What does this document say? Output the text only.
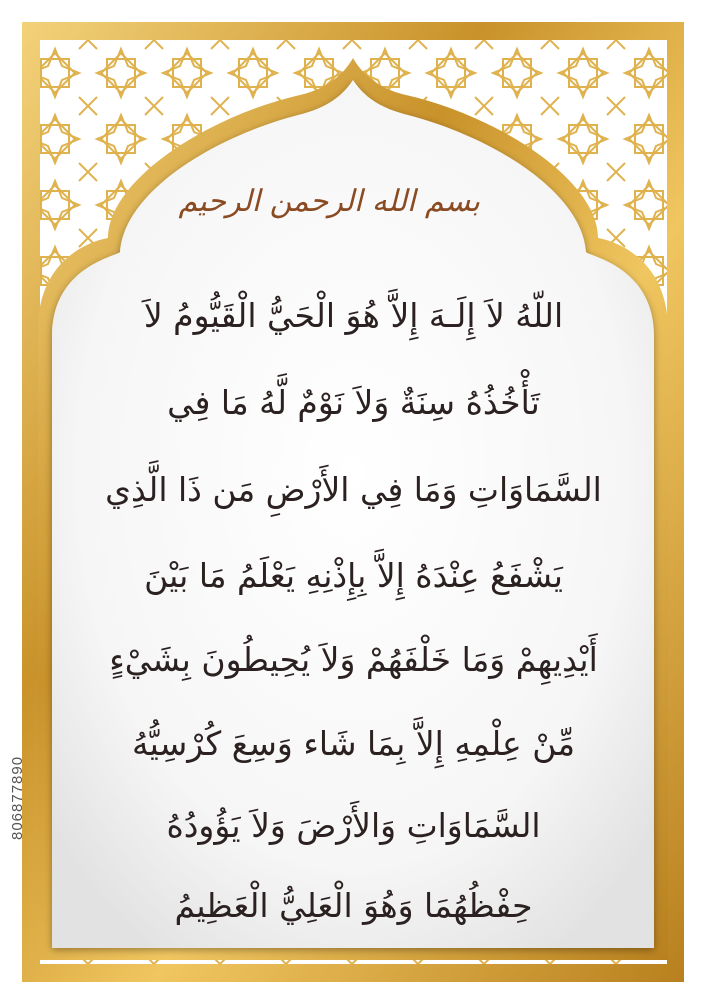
بسم الله الرحمن الرحيم
اللّهُ لاَ إِلَـهَ إِلاَّ هُوَ الْحَيُّ الْقَيُّومُ لاَ
تَأْخُذُهُ سِنَةٌ وَلاَ نَوْمٌ لَّهُ مَا فِي
السَّمَاوَاتِ وَمَا فِي الأَرْضِ مَن ذَا الَّذِي
يَشْفَعُ عِنْدَهُ إِلاَّ بِإِذْنِهِ يَعْلَمُ مَا بَيْنَ
أَيْدِيهِمْ وَمَا خَلْفَهُمْ وَلاَ يُحِيطُونَ بِشَيْءٍ
مِّنْ عِلْمِهِ إِلاَّ بِمَا شَاء وَسِعَ كُرْسِيُّهُ
السَّمَاوَاتِ وَالأَرْضَ وَلاَ يَؤُودُهُ
حِفْظُهُمَا وَهُوَ الْعَلِيُّ الْعَظِيمُ
806877890
